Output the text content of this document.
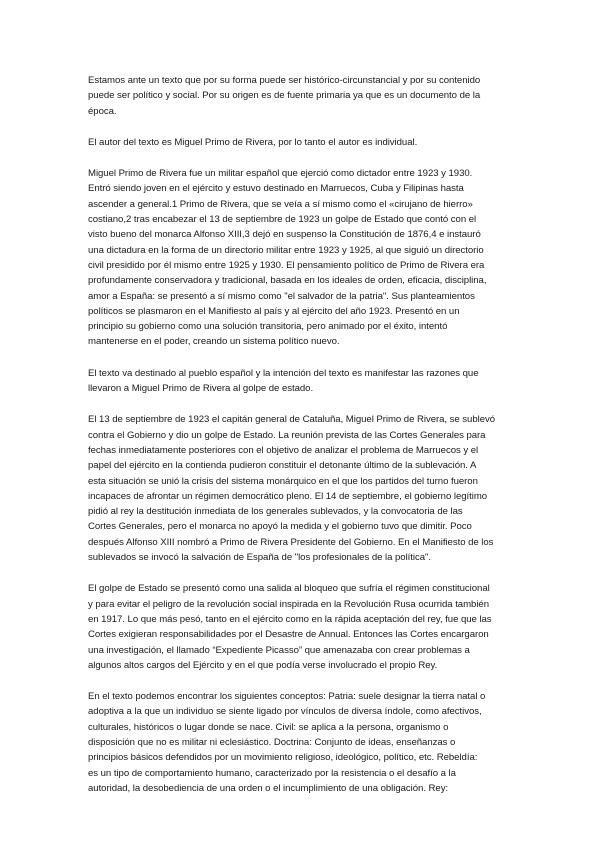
Estamos ante un texto que por su forma puede ser histórico-circunstancial y por su contenido
puede ser político y social. Por su origen es de fuente primaria ya que es un documento de la
época.

El autor del texto es Miguel Primo de Rivera, por lo tanto el autor es individual.

Miguel Primo de Rivera fue un militar español que ejerció como dictador entre 1923 y 1930.
Entró siendo joven en el ejército y estuvo destinado en Marruecos, Cuba y Filipinas hasta
ascender a general.1 Primo de Rivera, que se veía a sí mismo como el «cirujano de hierro»
costiano,2 tras encabezar el 13 de septiembre de 1923 un golpe de Estado que contó con el
visto bueno del monarca Alfonso XIII,3 dejó en suspenso la Constitución de 1876,4 e instauró
una dictadura en la forma de un directorio militar entre 1923 y 1925, al que siguió un directorio
civil presidido por él mismo entre 1925 y 1930. El pensamiento político de Primo de Rivera era
profundamente conservadora y tradicional, basada en los ideales de orden, eficacia, disciplina,
amor a España: se presentó a sí mismo como "el salvador de la patria". Sus planteamientos
políticos se plasmaron en el Manifiesto al país y al ejército del año 1923. Presentó en un
principio su gobierno como una solución transitoria, pero animado por el éxito, intentó
mantenerse en el poder, creando un sistema político nuevo.

El texto va destinado al pueblo español y la intención del texto es manifestar las razones que
llevaron a Miguel Primo de Rivera al golpe de estado.

El 13 de septiembre de 1923 el capitán general de Cataluña, Miguel Primo de Rivera, se sublevó
contra el Gobierno y dio un golpe de Estado. La reunión prevista de las Cortes Generales para
fechas inmediatamente posteriores con el objetivo de analizar el problema de Marruecos y el
papel del ejército en la contienda pudieron constituir el detonante último de la sublevación. A
esta situación se unió la crisis del sistema monárquico en el que los partidos del turno fueron
incapaces de afrontar un régimen democrático pleno. El 14 de septiembre, el gobierno legítimo
pidió al rey la destitución inmediata de los generales sublevados, y la convocatoria de las
Cortes Generales, pero el monarca no apoyó la medida y el gobierno tuvo que dimitir. Poco
después Alfonso XIII nombró a Primo de Rivera Presidente del Gobierno. En el Manifiesto de los
sublevados se invocó la salvación de España de "los profesionales de la política".

El golpe de Estado se presentó como una salida al bloqueo que sufría el régimen constitucional
y para evitar el peligro de la revolución social inspirada en la Revolución Rusa ocurrida también
en 1917. Lo que más pesó, tanto en el ejército como en la rápida aceptación del rey, fue que las
Cortes exigieran responsabilidades por el Desastre de Annual. Entonces las Cortes encargaron
una investigación, el llamado “Expediente Picasso” que amenazaba con crear problemas a
algunos altos cargos del Ejército y en el que podía verse involucrado el propio Rey.

En el texto podemos encontrar los siguientes conceptos: Patria: suele designar la tierra natal o
adoptiva a la que un individuo se siente ligado por vínculos de diversa índole, como afectivos,
culturales, históricos o lugar donde se nace. Civil: se aplica a la persona, organismo o
disposición que no es militar ni eclesiástico. Doctrina: Conjunto de ideas, enseñanzas o
principios básicos defendidos por un movimiento religioso, ideológico, político, etc. Rebeldía:
es un tipo de comportamiento humano, caracterizado por la resistencia o el desafío a la
autoridad, la desobediencia de una orden o el incumplimiento de una obligación. Rey:
